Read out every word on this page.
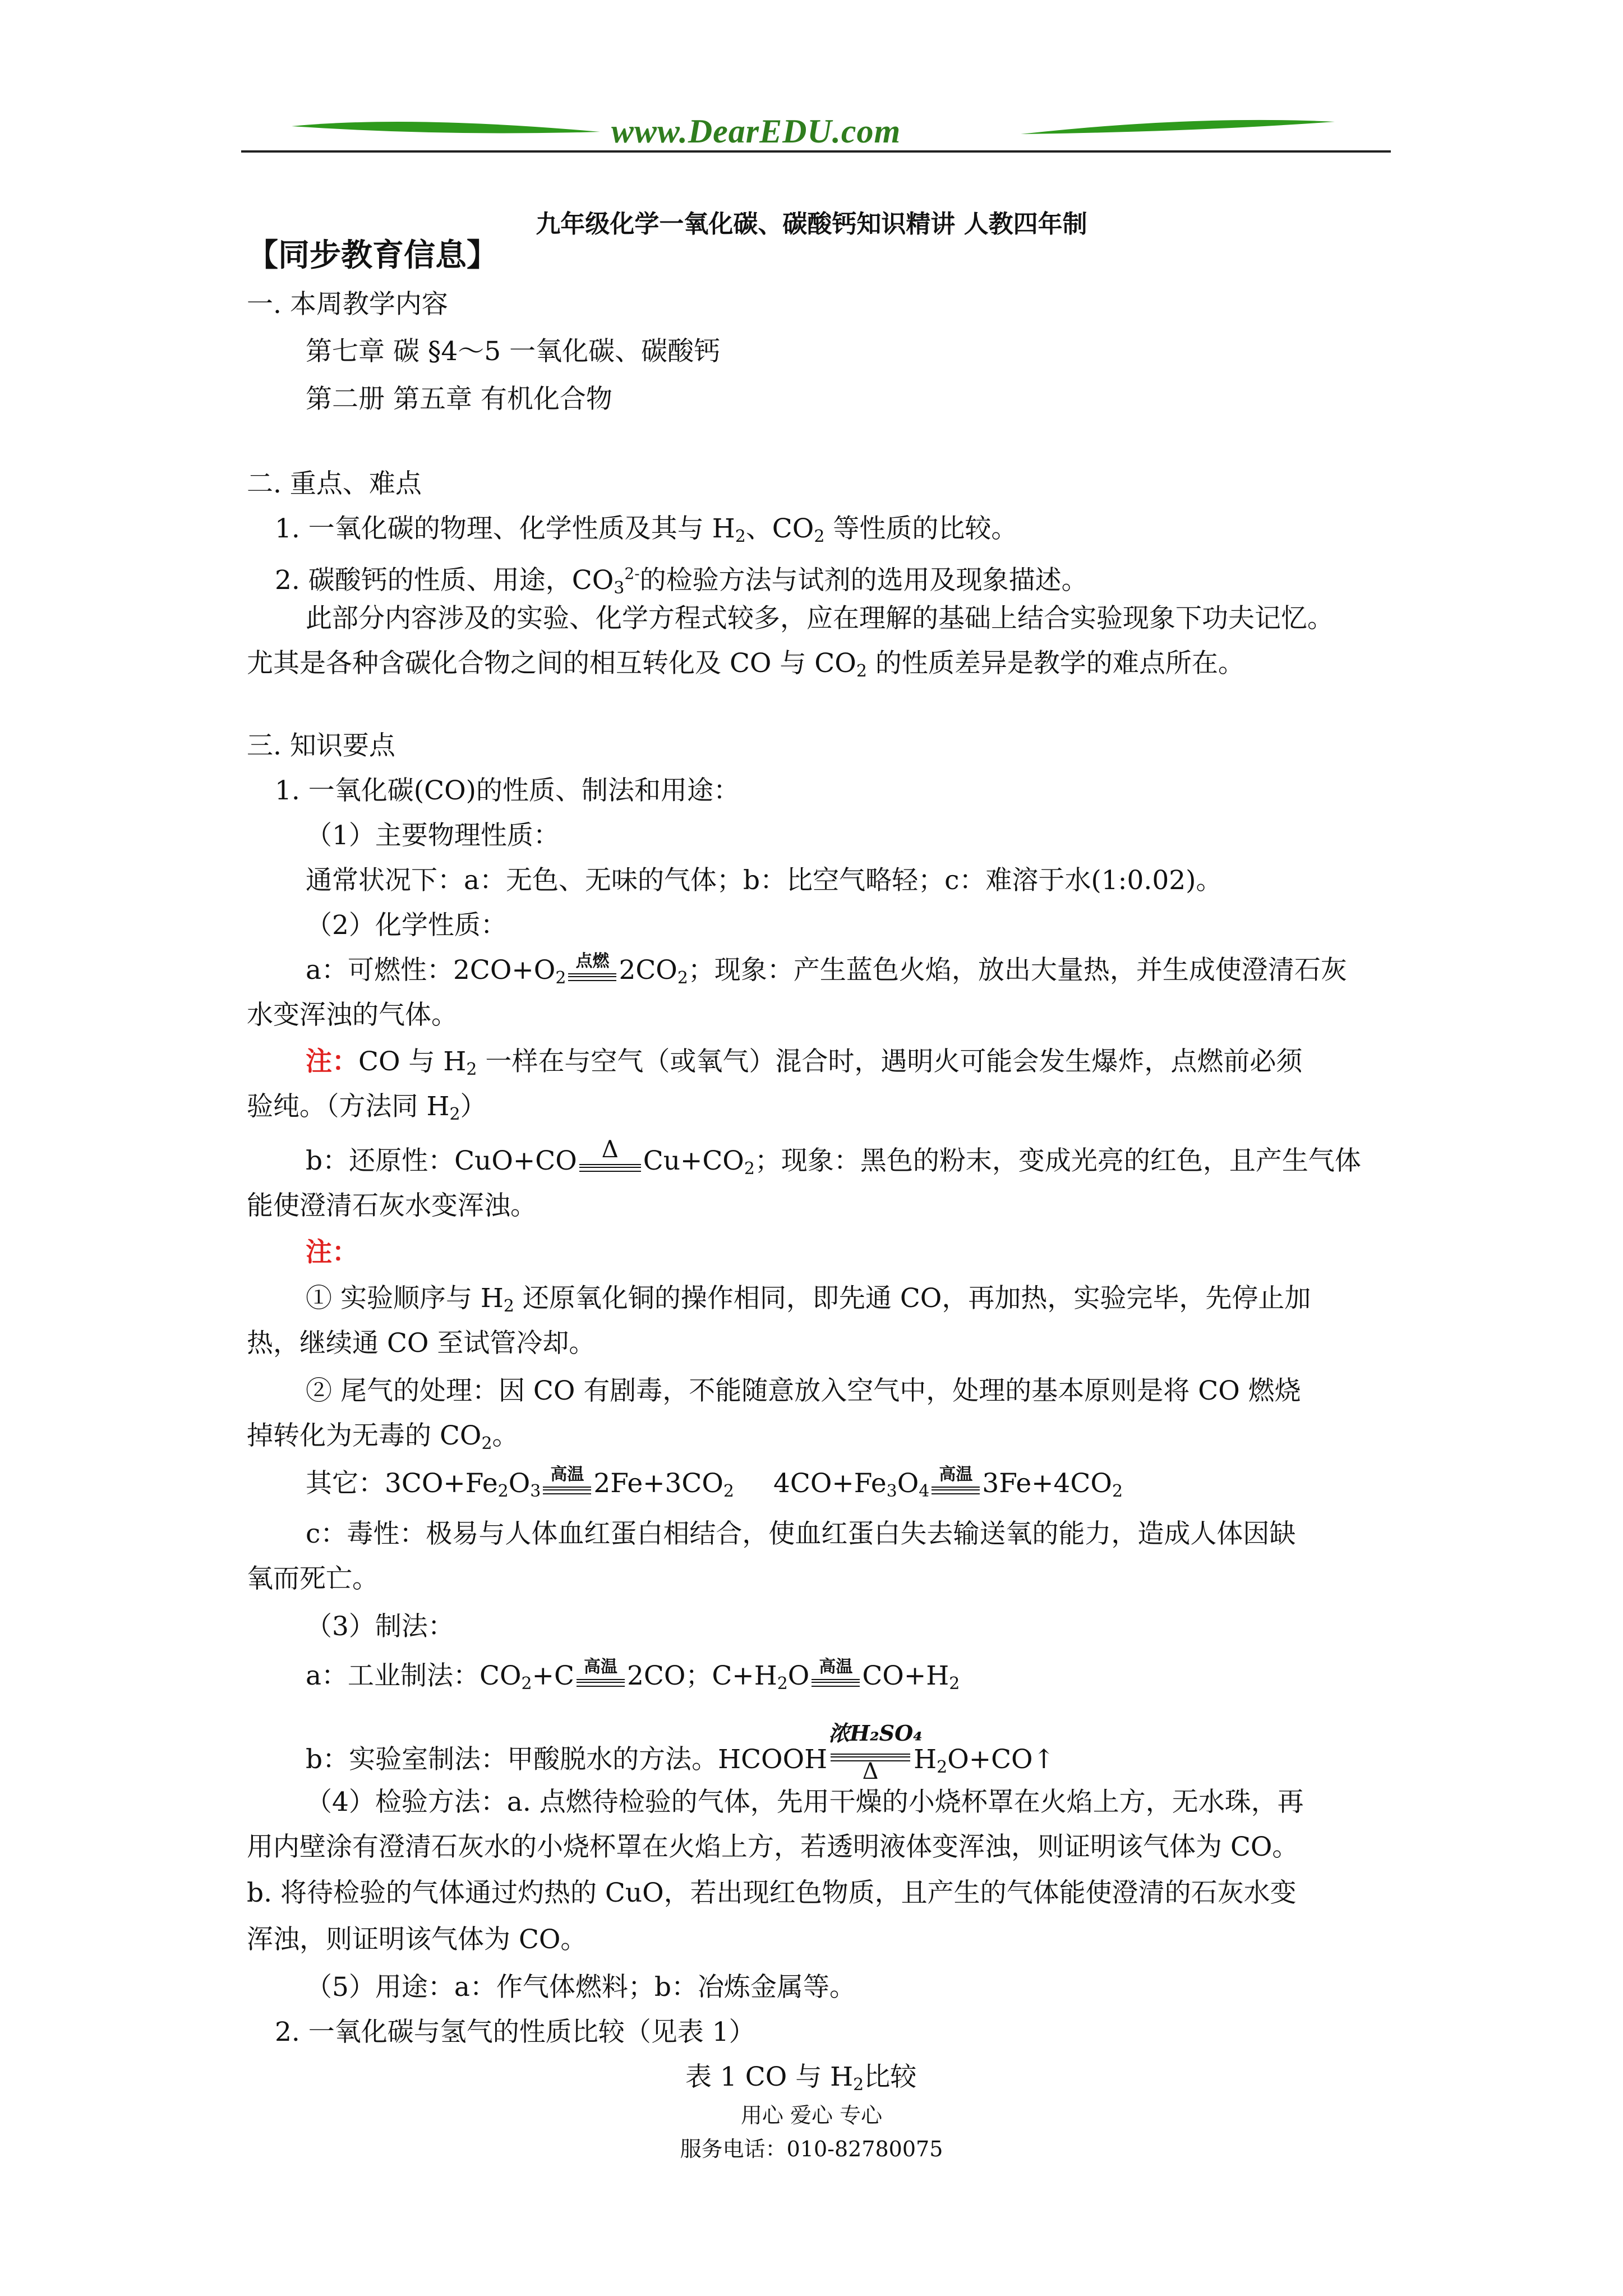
www.DearEDU.com
九年级化学一氧化碳、碳酸钙知识精讲 人教四年制
【同步教育信息】
一. 本周教学内容
第七章 碳 §4～5 一氧化碳、碳酸钙
第二册 第五章 有机化合物
二. 重点、难点
1. 一氧化碳的物理、化学性质及其与 $H_2$、$CO_2$ 等性质的比较。
2. 碳酸钙的性质、用途，$CO_3^{2-}$的检验方法与试剂的选用及现象描述。
此部分内容涉及的实验、化学方程式较多，应在理解的基础上结合实验现象下功夫记忆。
尤其是各种含碳化合物之间的相互转化及 CO 与 $CO_2$ 的性质差异是教学的难点所在。
三. 知识要点
1. 一氧化碳(CO)的性质、制法和用途：
（1）主要物理性质：
通常状况下：a：无色、无味的气体；b：比空气略轻；c：难溶于水(1:0.02)。
（2）化学性质：
a：可燃性：$2CO+O_2$
点燃 $2CO_2$；现象：产生蓝色火焰，放出大量热，并生成使澄清石灰
水变浑浊的气体。
注：CO 与 $H_2$ 一样在与空气（或氧气）混合时，遇明火可能会发生爆炸，点燃前必须
验纯。（方法同 $H_2$）
b：还原性：CuO+CO	Δ $Cu+CO_2$；现象：黑色的粉末，变成光亮的红色，且产生气体
能使澄清石灰水变浑浊。
注：
① 实验顺序与 $H_2$ 还原氧化铜的操作相同，即先通 CO，再加热，实验完毕，先停止加
热，继续通 CO 至试管冷却。
② 尾气的处理：因 CO 有剧毒，不能随意放入空气中，处理的基本原则是将 CO 燃烧
掉转化为无毒的 $CO_2$。
其它：$3CO+Fe_2O_3$
高温 $2Fe+3CO_2$ $4CO+Fe_3O_4$
高温 $3Fe+4CO_2$
c：毒性：极易与人体血红蛋白相结合，使血红蛋白失去输送氧的能力，造成人体因缺
氧而死亡。
（3）制法：
a：工业制法：$CO_2+C$ 高温 2CO；$C+H_2O$ 高温 $CO+H_2$
b：实验室制法：甲酸脱水的方法。HCOOH
浓H₂SO₄
Δ	$H_2O+CO↑$
（4）检验方法：a. 点燃待检验的气体，先用干燥的小烧杯罩在火焰上方，无水珠，再
用内壁涂有澄清石灰水的小烧杯罩在火焰上方，若透明液体变浑浊，则证明该气体为 CO。
b. 将待检验的气体通过灼热的 CuO，若出现红色物质，且产生的气体能使澄清的石灰水变
浑浊，则证明该气体为 CO。
（5）用途：a：作气体燃料；b：冶炼金属等。
2. 一氧化碳与氢气的性质比较（见表 1）
表 1 CO 与 $H_2$比较
用心 爱心 专心
服务电话：010-82780075
